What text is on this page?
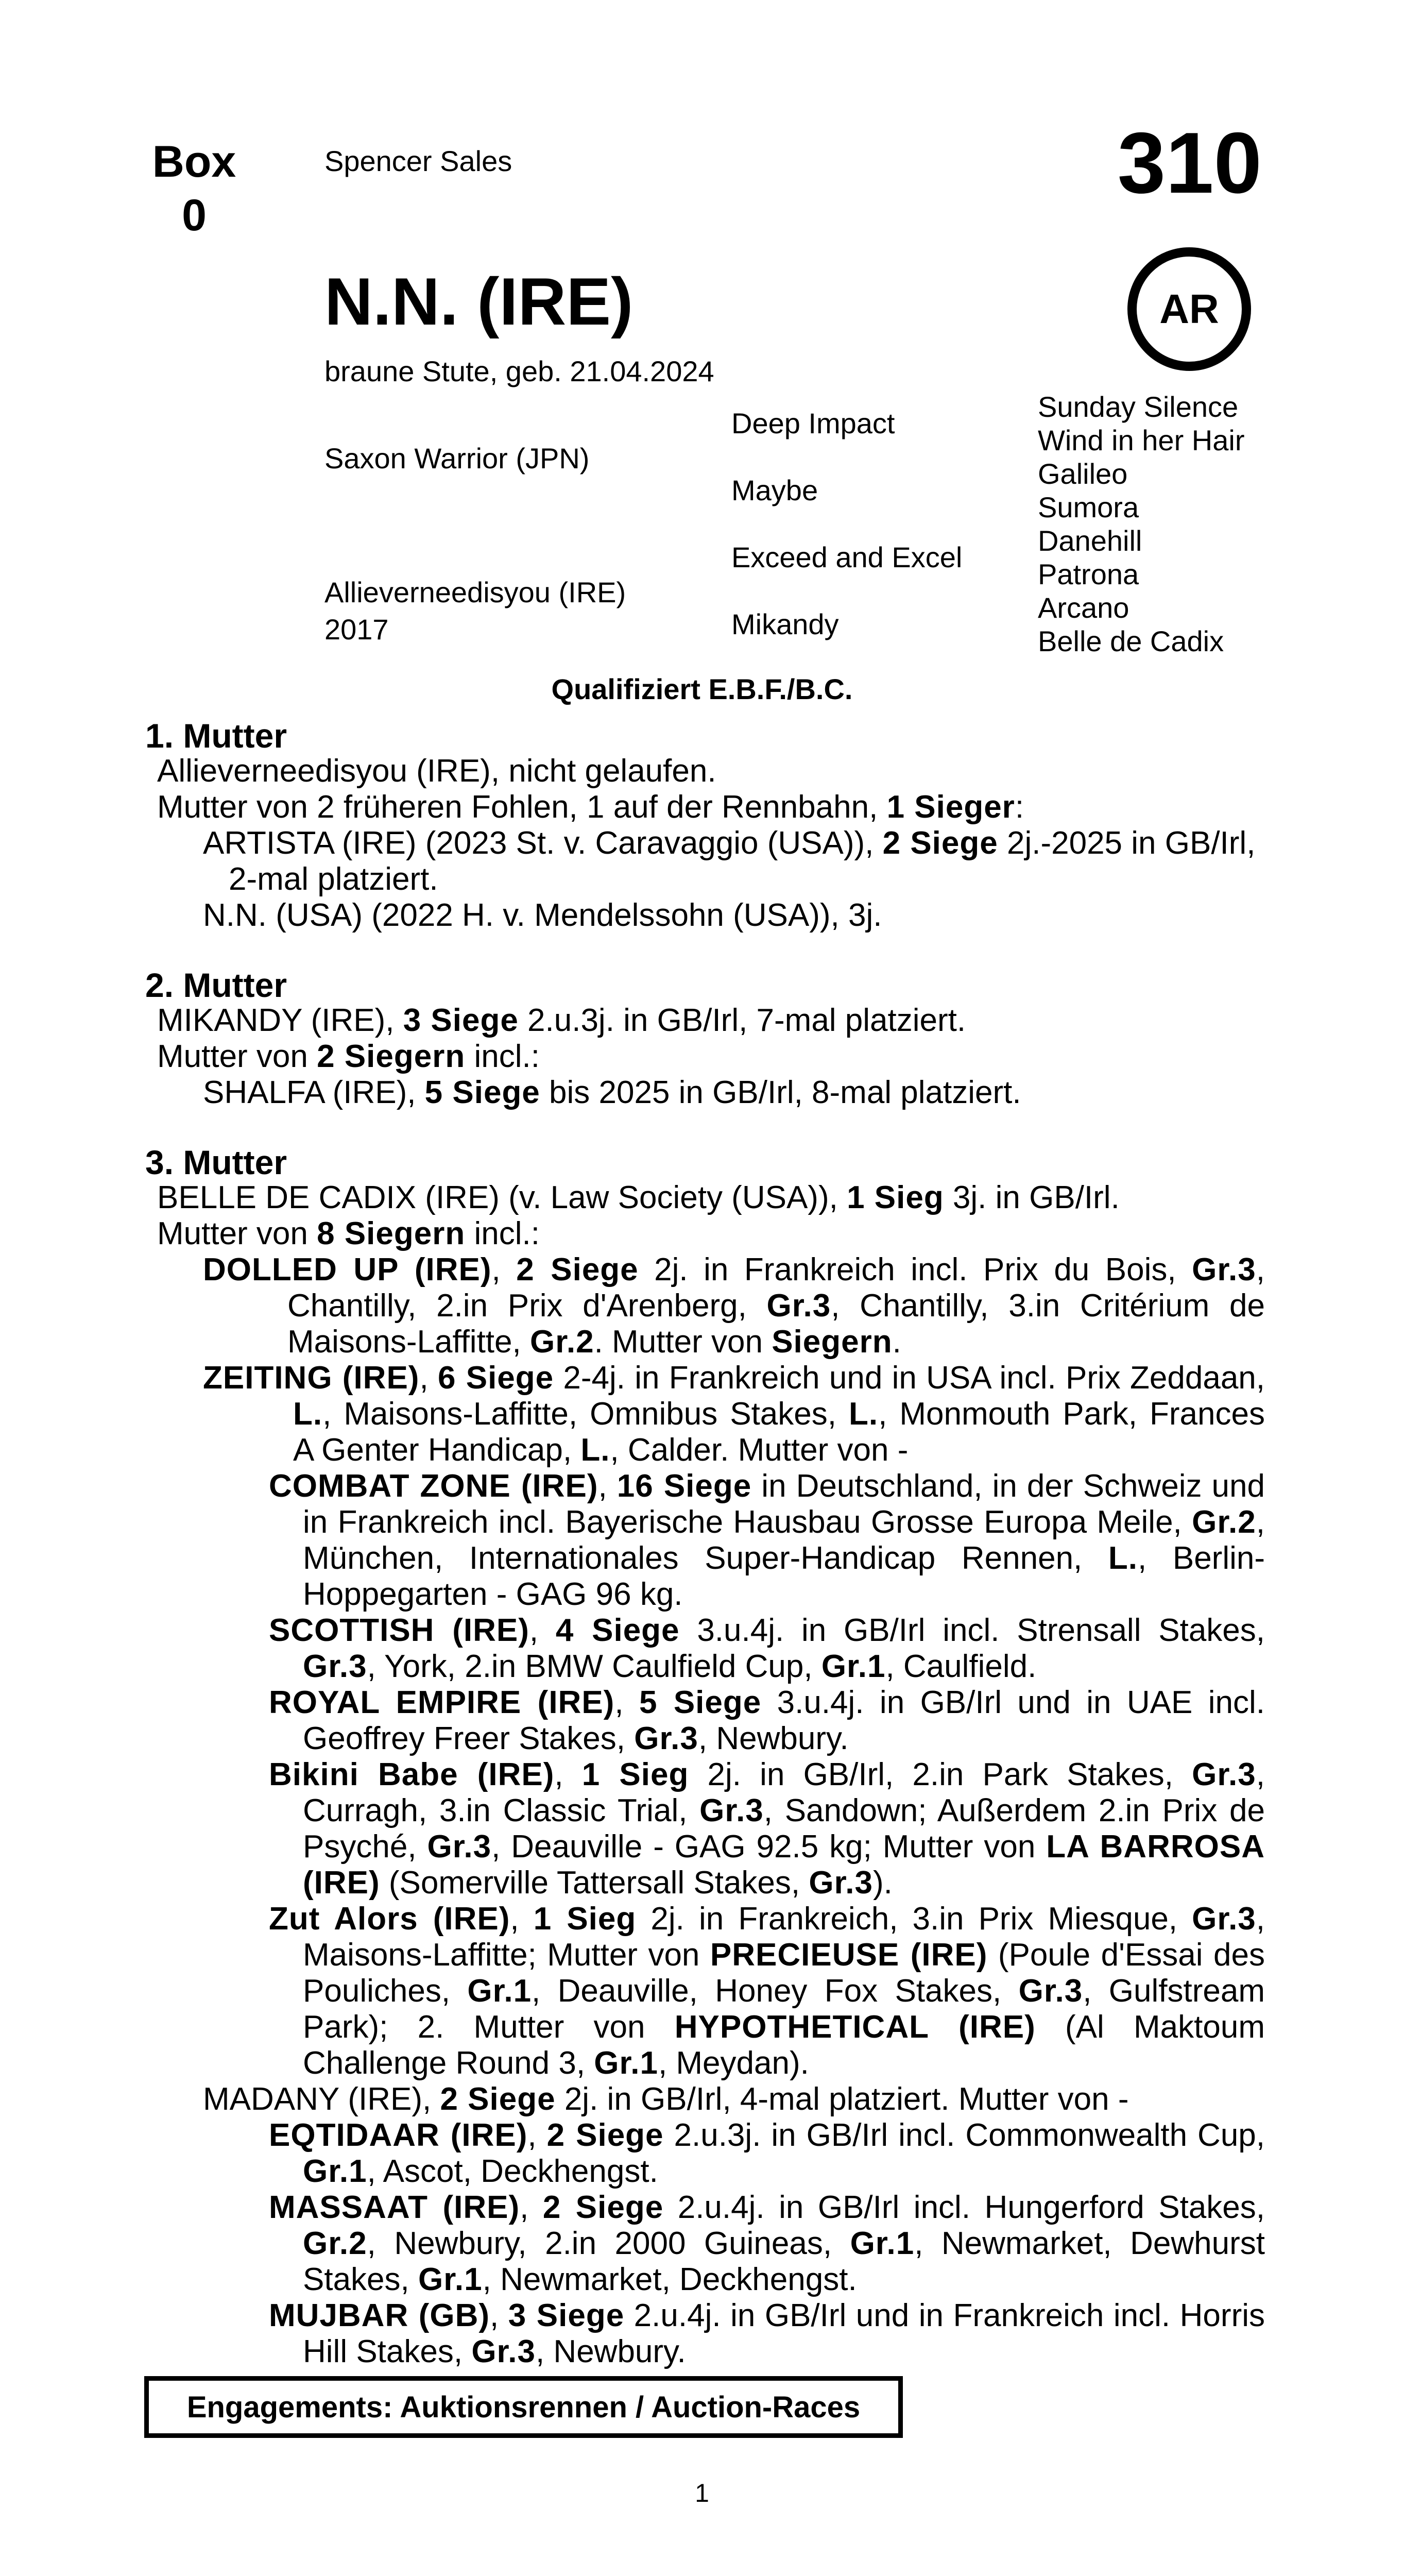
Box
0
Spencer Sales	310
AR
N.N. (IRE)
braune Stute, geb. 21.04.2024
Saxon Warrior (JPN)
Allieverneedisyou (IRE)
2017
Deep Impact
Maybe
Exceed and Excel
Mikandy
Sunday Silence
Wind in her Hair
Galileo
Sumora
Danehill
Patrona
Arcano
Belle de Cadix
Qualifiziert E.B.F./B.C.
1. Mutter
Allieverneedisyou (IRE), nicht gelaufen.
Mutter von 2 früheren Fohlen, 1 auf der Rennbahn, 1 Sieger:
ARTISTA (IRE) (2023 St. v. Caravaggio (USA)), 2 Siege 2j.-2025 in GB/Irl, 2-mal platziert.
N.N. (USA) (2022 H. v. Mendelssohn (USA)), 3j.
2. Mutter
MIKANDY (IRE), 3 Siege 2.u.3j. in GB/Irl, 7-mal platziert.
Mutter von 2 Siegern incl.:
SHALFA (IRE), 5 Siege bis 2025 in GB/Irl, 8-mal platziert.
3. Mutter
BELLE DE CADIX (IRE) (v. Law Society (USA)), 1 Sieg 3j. in GB/Irl.
Mutter von 8 Siegern incl.:
DOLLED UP (IRE), 2 Siege 2j. in Frankreich incl. Prix du Bois, Gr.3, Chantilly, 2.in Prix d'Arenberg, Gr.3, Chantilly, 3.in Critérium de Maisons-Laffitte, Gr.2. Mutter von Siegern.
ZEITING (IRE), 6 Siege 2-4j. in Frankreich und in USA incl. Prix Zeddaan, L., Maisons-Laffitte, Omnibus Stakes, L., Monmouth Park, Frances A Genter Handicap, L., Calder. Mutter von -
COMBAT ZONE (IRE), 16 Siege in Deutschland, in der Schweiz und in Frankreich incl. Bayerische Hausbau Grosse Europa Meile, Gr.2, München, Internationales Super-Handicap Rennen, L., Berlin-Hoppegarten - GAG 96 kg.
SCOTTISH (IRE), 4 Siege 3.u.4j. in GB/Irl incl. Strensall Stakes, Gr.3, York, 2.in BMW Caulfield Cup, Gr.1, Caulfield.
ROYAL EMPIRE (IRE), 5 Siege 3.u.4j. in GB/Irl und in UAE incl. Geoffrey Freer Stakes, Gr.3, Newbury.
Bikini Babe (IRE), 1 Sieg 2j. in GB/Irl, 2.in Park Stakes, Gr.3, Curragh, 3.in Classic Trial, Gr.3, Sandown; Außerdem 2.in Prix de Psyché, Gr.3, Deauville - GAG 92.5 kg; Mutter von LA BARROSA (IRE) (Somerville Tattersall Stakes, Gr.3).
Zut Alors (IRE), 1 Sieg 2j. in Frankreich, 3.in Prix Miesque, Gr.3, Maisons-Laffitte; Mutter von PRECIEUSE (IRE) (Poule d'Essai des Pouliches, Gr.1, Deauville, Honey Fox Stakes, Gr.3, Gulfstream Park); 2. Mutter von HYPOTHETICAL (IRE) (Al Maktoum Challenge Round 3, Gr.1, Meydan).
MADANY (IRE), 2 Siege 2j. in GB/Irl, 4-mal platziert. Mutter von -
EQTIDAAR (IRE), 2 Siege 2.u.3j. in GB/Irl incl. Commonwealth Cup, Gr.1, Ascot, Deckhengst.
MASSAAT (IRE), 2 Siege 2.u.4j. in GB/Irl incl. Hungerford Stakes, Gr.2, Newbury, 2.in 2000 Guineas, Gr.1, Newmarket, Dewhurst Stakes, Gr.1, Newmarket, Deckhengst.
MUJBAR (GB), 3 Siege 2.u.4j. in GB/Irl und in Frankreich incl. Horris Hill Stakes, Gr.3, Newbury.
Engagements: Auktionsrennen / Auction-Races
1
